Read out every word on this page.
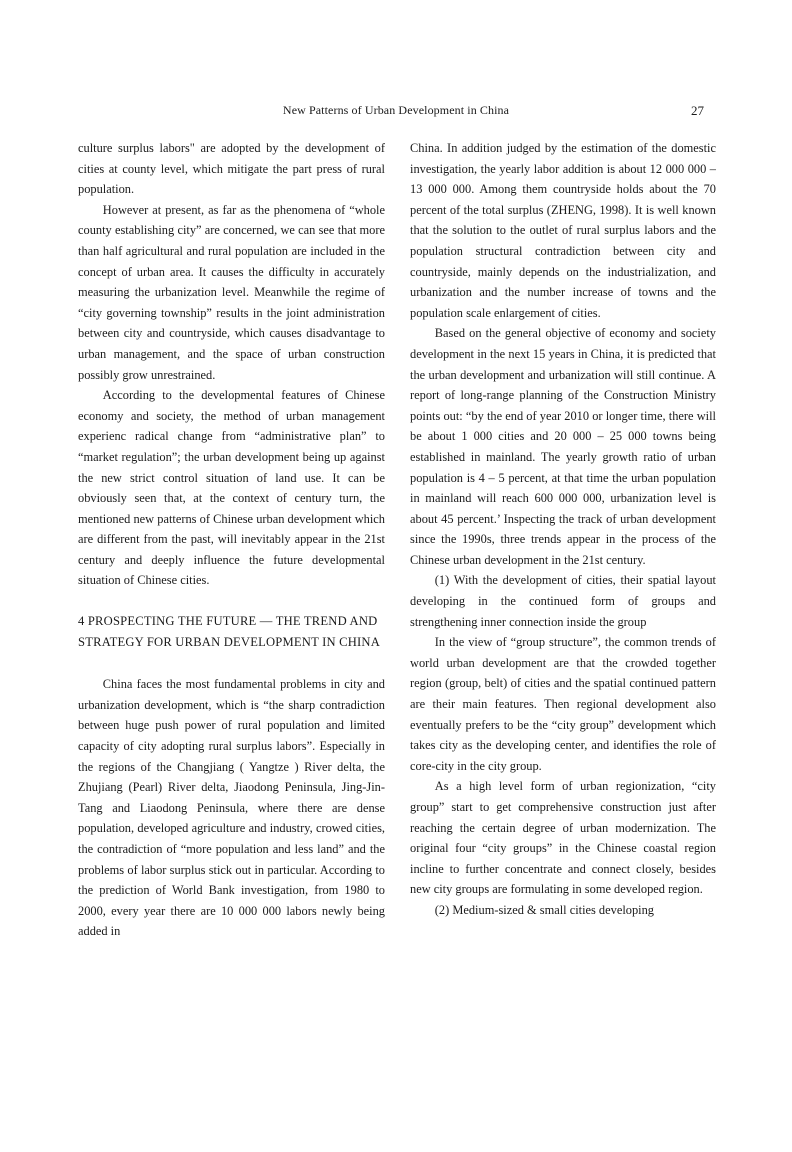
New Patterns of Urban Development in China	27

culture surplus labors" are adopted by the development of cities at county level, which mitigate the part press of rural population.

However at present, as far as the phenomena of “whole county establishing city” are concerned, we can see that more than half agricultural and rural population are included in the concept of urban area. It causes the difficulty in accurately measuring the urbanization level. Meanwhile the regime of “city governing township” results in the joint administration between city and countryside, which causes disadvantage to urban management, and the space of urban construction possibly grow unrestrained.

According to the developmental features of Chinese economy and society, the method of urban management experienc radical change from “administrative plan” to “market regulation”; the urban development being up against the new strict control situation of land use. It can be obviously seen that, at the context of century turn, the mentioned new patterns of Chinese urban development which are different from the past, will inevitably appear in the 21st century and deeply influence the future developmental situation of Chinese cities.

4 PROSPECTING THE FUTURE — THE TREND AND STRATEGY FOR URBAN DEVELOPMENT IN CHINA

China faces the most fundamental problems in city and urbanization development, which is “the sharp contradiction between huge push power of rural population and limited capacity of city adopting rural surplus labors”. Especially in the regions of the Changjiang ( Yangtze ) River delta, the Zhujiang (Pearl) River delta, Jiaodong Peninsula, Jing-Jin-Tang and Liaodong Peninsula, where there are dense population, developed agriculture and industry, crowed cities, the contradiction of “more population and less land” and the problems of labor surplus stick out in particular. According to the prediction of World Bank investigation, from 1980 to 2000, every year there are 10 000 000 labors newly being added in

China. In addition judged by the estimation of the domestic investigation, the yearly labor addition is about 12 000 000 – 13 000 000. Among them countryside holds about the 70 percent of the total surplus (ZHENG, 1998). It is well known that the solution to the outlet of rural surplus labors and the population structural contradiction between city and countryside, mainly depends on the industrialization, and urbanization and the number increase of towns and the population scale enlargement of cities.

Based on the general objective of economy and society development in the next 15 years in China, it is predicted that the urban development and urbanization will still continue. A report of long-range planning of the Construction Ministry points out: “by the end of year 2010 or longer time, there will be about 1 000 cities and 20 000 – 25 000 towns being established in mainland. The yearly growth ratio of urban population is 4 – 5 percent, at that time the urban population in mainland will reach 600 000 000, urbanization level is about 45 percent.’ Inspecting the track of urban development since the 1990s, three trends appear in the process of the Chinese urban development in the 21st century.

(1) With the development of cities, their spatial layout developing in the continued form of groups and strengthening inner connection inside the group

In the view of “group structure”, the common trends of world urban development are that the crowded together region (group, belt) of cities and the spatial continued pattern are their main features. Then regional development also eventually prefers to be the “city group” development which takes city as the developing center, and identifies the role of core-city in the city group.

As a high level form of urban regionization, “city group” start to get comprehensive construction just after reaching the certain degree of urban modernization. The original four “city groups” in the Chinese coastal region incline to further concentrate and connect closely, besides new city groups are formulating in some developed region.

(2) Medium-sized & small cities developing
